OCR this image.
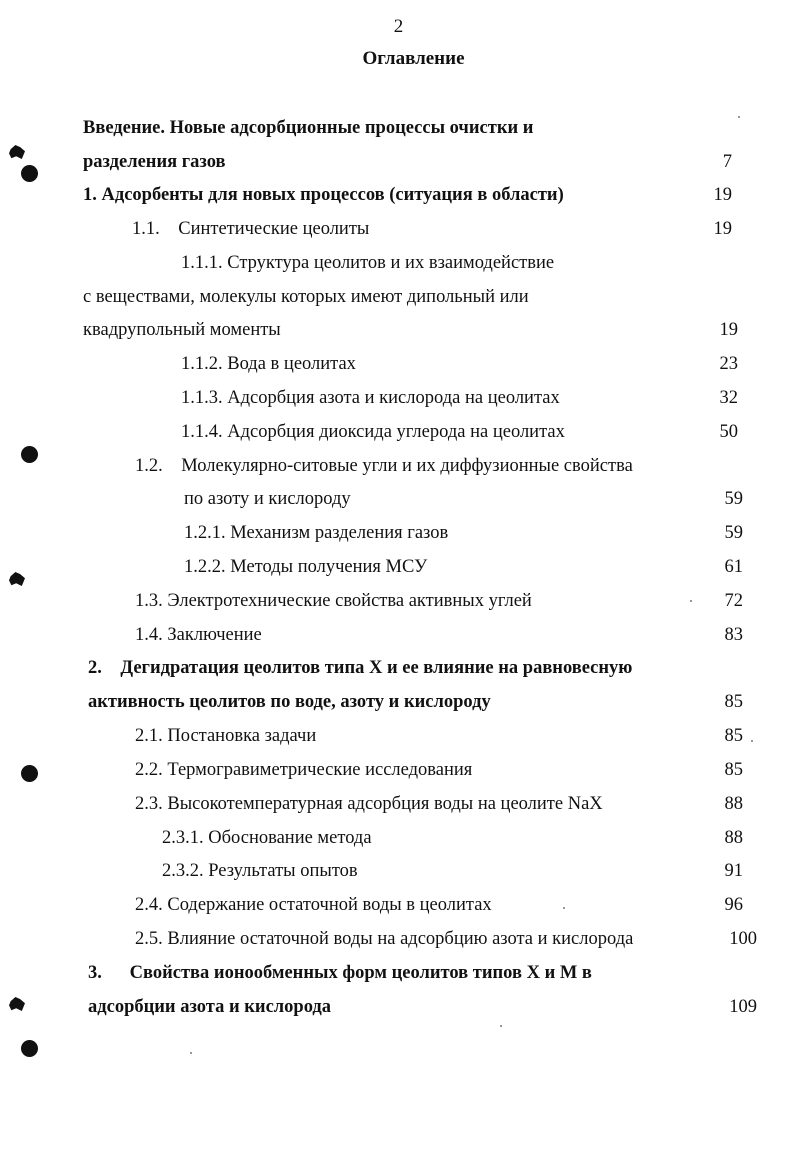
2
Оглавление
Введение. Новые адсорбционные процессы очистки и
разделения газов	7
1. Адсорбенты для новых процессов (ситуация в области)	19
1.1.    Синтетические цеолиты	19
1.1.1. Структура цеолитов и их взаимодействие
с веществами, молекулы которых имеют дипольный или
квадрупольный моменты	19
1.1.2. Вода в цеолитах	23
1.1.3. Адсорбция азота и кислорода на цеолитах	32
1.1.4. Адсорбция диоксида углерода на цеолитах	50
1.2.    Молекулярно-ситовые угли и их диффузионные свойства
по азоту и кислороду	59
1.2.1. Механизм разделения газов	59
1.2.2. Методы получения МСУ	61
1.3. Электротехнические свойства активных углей	72
1.4. Заключение	83
2.    Дегидратация цеолитов типа X и ее влияние на равновесную
активность цеолитов по воде, азоту и кислороду	85
2.1. Постановка задачи	85
2.2. Термогравиметрические исследования	85
2.3. Высокотемпературная адсорбция воды на цеолите NaX	88
2.3.1. Обоснование метода	88
2.3.2. Результаты опытов	91
2.4. Содержание остаточной воды в цеолитах	96
2.5. Влияние остаточной воды на адсорбцию азота и кислорода	100
3.      Свойства ионообменных форм цеолитов типов X и M в
адсорбции азота и кислорода	109
